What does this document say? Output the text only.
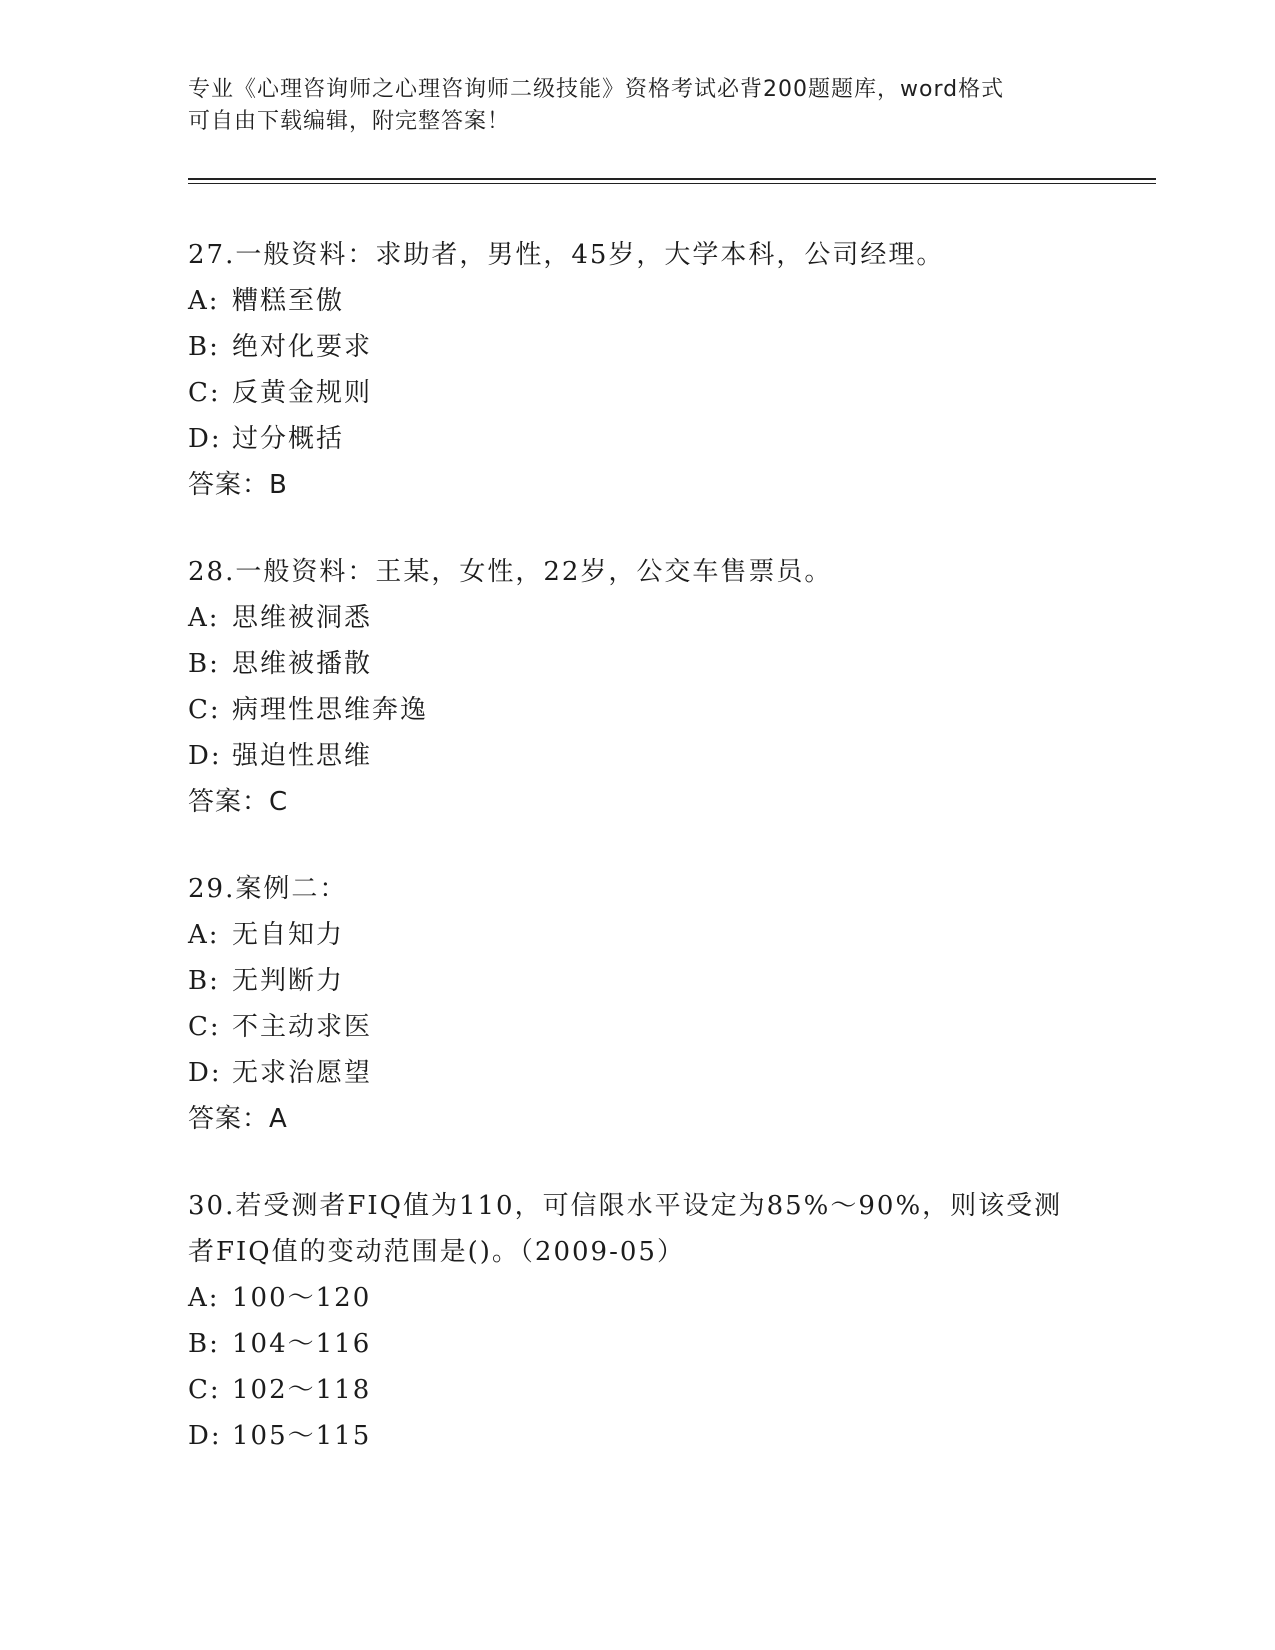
专业《心理咨询师之心理咨询师二级技能》资格考试必背200题题库，word格式
可自由下载编辑，附完整答案！
27.一般资料：求助者，男性，45岁，大学本科，公司经理。
A: 糟糕至傲
B: 绝对化要求
C: 反黄金规则
D: 过分概括
答案：B
28.一般资料：王某，女性，22岁，公交车售票员。
A: 思维被洞悉
B: 思维被播散
C: 病理性思维奔逸
D: 强迫性思维
答案：C
29.案例二：
A: 无自知力
B: 无判断力
C: 不主动求医
D: 无求治愿望
答案：A
30.若受测者FIQ值为110，可信限水平设定为85%～90%，则该受测者FIQ值的变动范围是()。（2009-05）
A: 100～120
B: 104～116
C: 102～118
D: 105～115
